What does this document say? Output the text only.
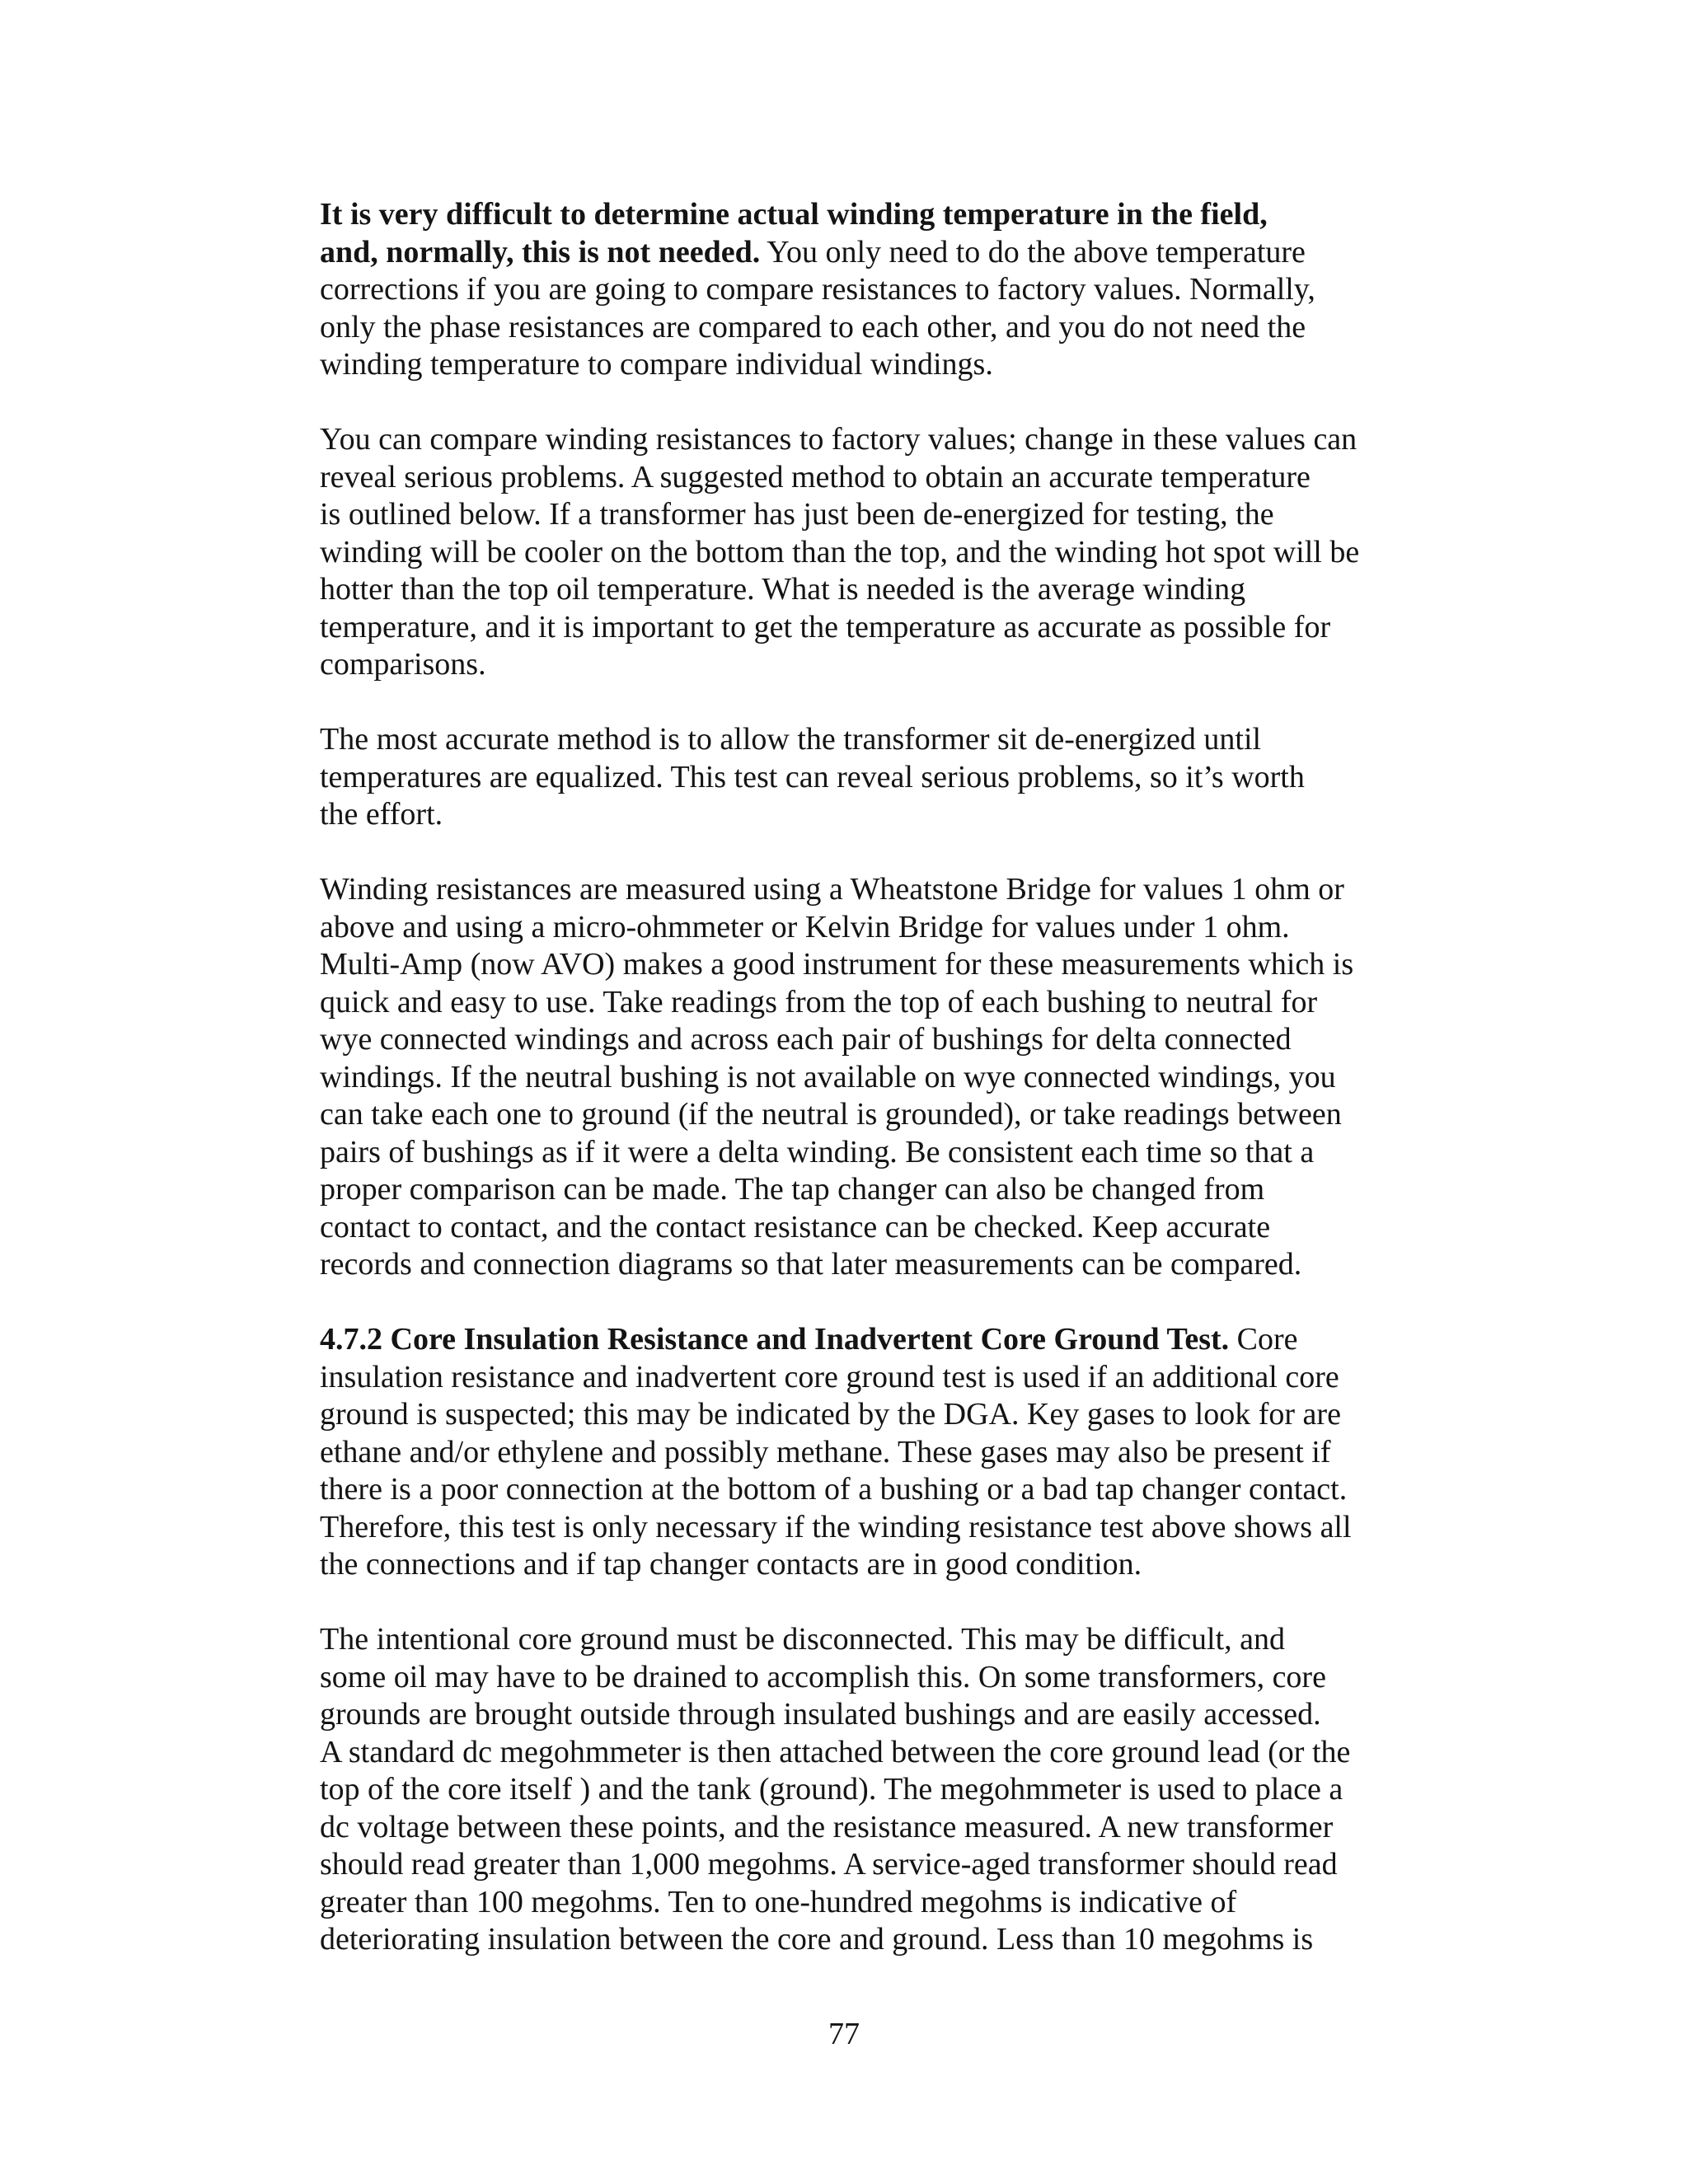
It is very difficult to determine actual winding temperature in the field,
and, normally, this is not needed. You only need to do the above temperature
corrections if you are going to compare resistances to factory values. Normally,
only the phase resistances are compared to each other, and you do not need the
winding temperature to compare individual windings.
You can compare winding resistances to factory values; change in these values can
reveal serious problems. A suggested method to obtain an accurate temperature
is outlined below. If a transformer has just been de-energized for testing, the
winding will be cooler on the bottom than the top, and the winding hot spot will be
hotter than the top oil temperature. What is needed is the average winding
temperature, and it is important to get the temperature as accurate as possible for
comparisons.
The most accurate method is to allow the transformer sit de-energized until
temperatures are equalized. This test can reveal serious problems, so it’s worth
the effort.
Winding resistances are measured using a Wheatstone Bridge for values 1 ohm or
above and using a micro-ohmmeter or Kelvin Bridge for values under 1 ohm.
Multi-Amp (now AVO) makes a good instrument for these measurements which is
quick and easy to use. Take readings from the top of each bushing to neutral for
wye connected windings and across each pair of bushings for delta connected
windings. If the neutral bushing is not available on wye connected windings, you
can take each one to ground (if the neutral is grounded), or take readings between
pairs of bushings as if it were a delta winding. Be consistent each time so that a
proper comparison can be made. The tap changer can also be changed from
contact to contact, and the contact resistance can be checked. Keep accurate
records and connection diagrams so that later measurements can be compared.
4.7.2 Core Insulation Resistance and Inadvertent Core Ground Test. Core
insulation resistance and inadvertent core ground test is used if an additional core
ground is suspected; this may be indicated by the DGA. Key gases to look for are
ethane and/or ethylene and possibly methane. These gases may also be present if
there is a poor connection at the bottom of a bushing or a bad tap changer contact.
Therefore, this test is only necessary if the winding resistance test above shows all
the connections and if tap changer contacts are in good condition.
The intentional core ground must be disconnected. This may be difficult, and
some oil may have to be drained to accomplish this. On some transformers, core
grounds are brought outside through insulated bushings and are easily accessed.
A standard dc megohmmeter is then attached between the core ground lead (or the
top of the core itself ) and the tank (ground). The megohmmeter is used to place a
dc voltage between these points, and the resistance measured. A new transformer
should read greater than 1,000 megohms. A service-aged transformer should read
greater than 100 megohms. Ten to one-hundred megohms is indicative of
deteriorating insulation between the core and ground. Less than 10 megohms is
77
